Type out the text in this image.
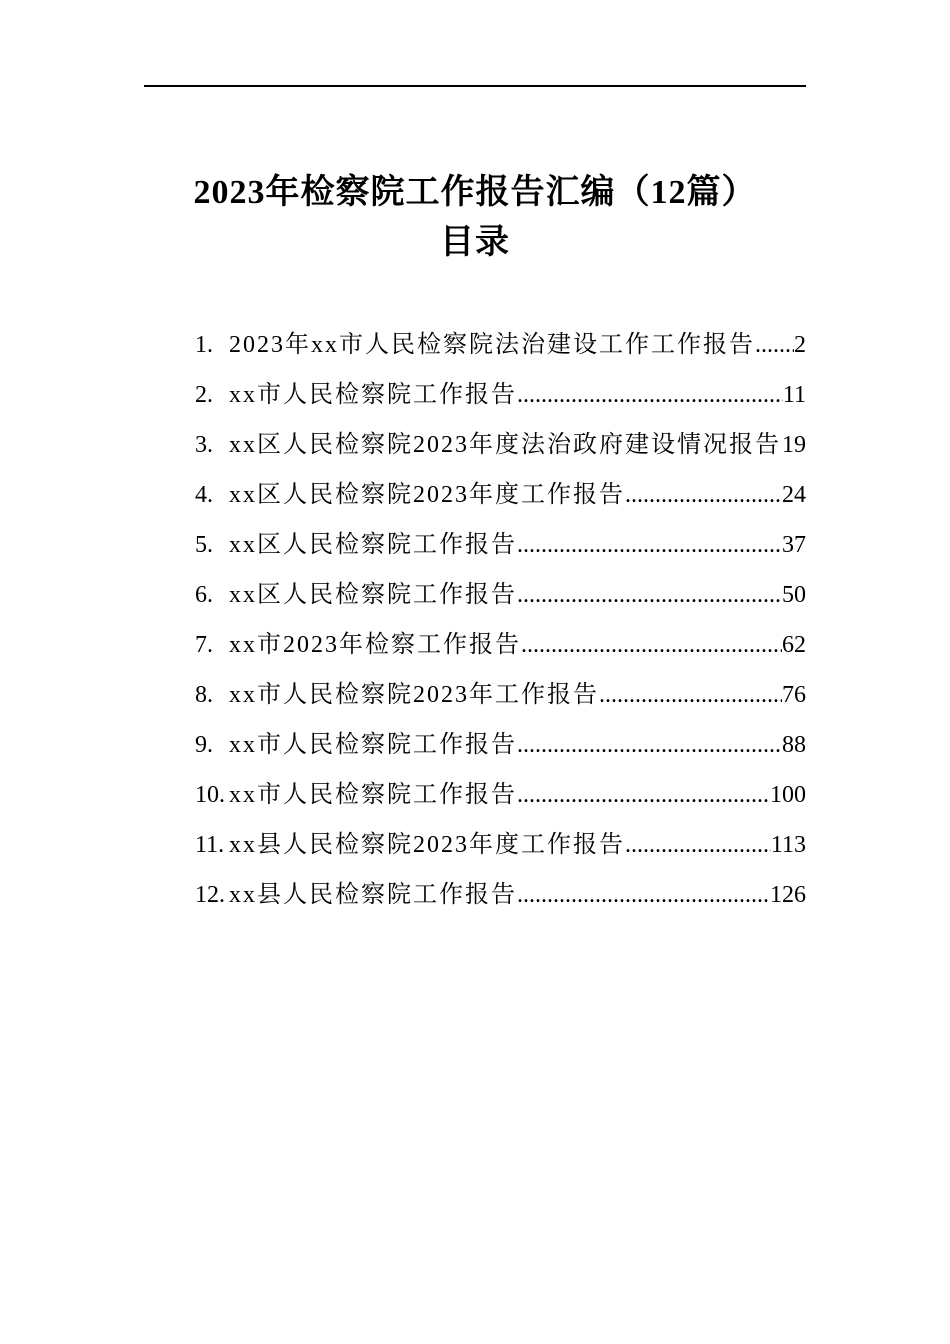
2023年检察院工作报告汇编（12篇）
目录
1. 2023年xx市人民检察院法治建设工作工作报告 ..... 2
2. xx市人民检察院工作报告 .....	11
3. xx区人民检察院2023年度法治政府建设情况报告 ..... 19
4. xx区人民检察院2023年度工作报告 .....	24
5. xx区人民检察院工作报告 .....	37
6. xx区人民检察院工作报告 .....	50
7. xx市2023年检察工作报告 .....	62
8. xx市人民检察院2023年工作报告 .....	76
9. xx市人民检察院工作报告 .....	88
10. xx市人民检察院工作报告 .....	100
11. xx县人民检察院2023年度工作报告 .....	113
12. xx县人民检察院工作报告 .....	126
